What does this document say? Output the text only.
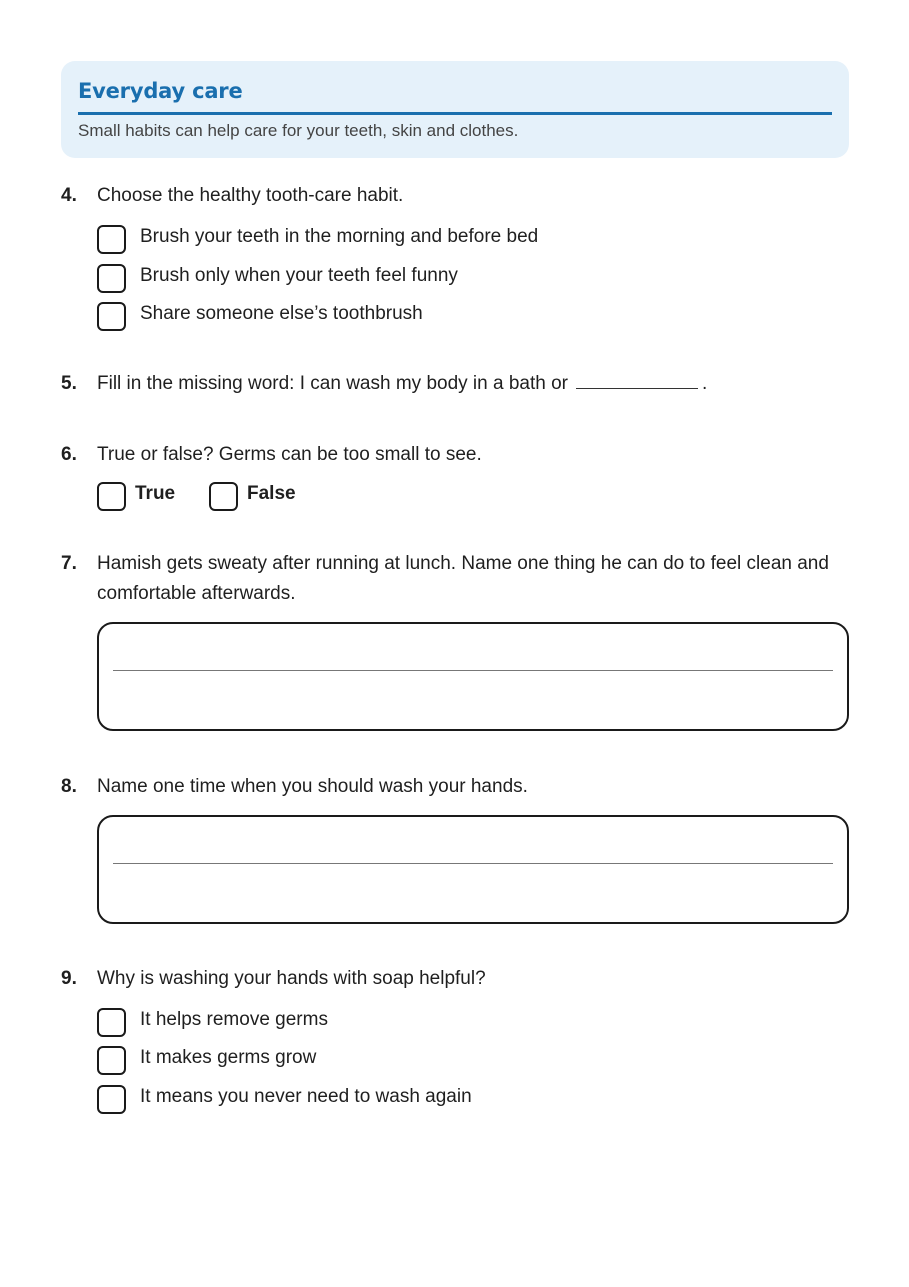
Everyday care
Small habits can help care for your teeth, skin and clothes.
4. Choose the healthy tooth-care habit.
Brush your teeth in the morning and before bed
Brush only when your teeth feel funny
Share someone else’s toothbrush
5. Fill in the missing word: I can wash my body in a bath or	.
6. True or false? Germs can be too small to see.
True	False
7. Hamish gets sweaty after running at lunch. Name one thing he can do to feel clean and comfortable afterwards.
8. Name one time when you should wash your hands.
9. Why is washing your hands with soap helpful?
It helps remove germs
It makes germs grow
It means you never need to wash again
